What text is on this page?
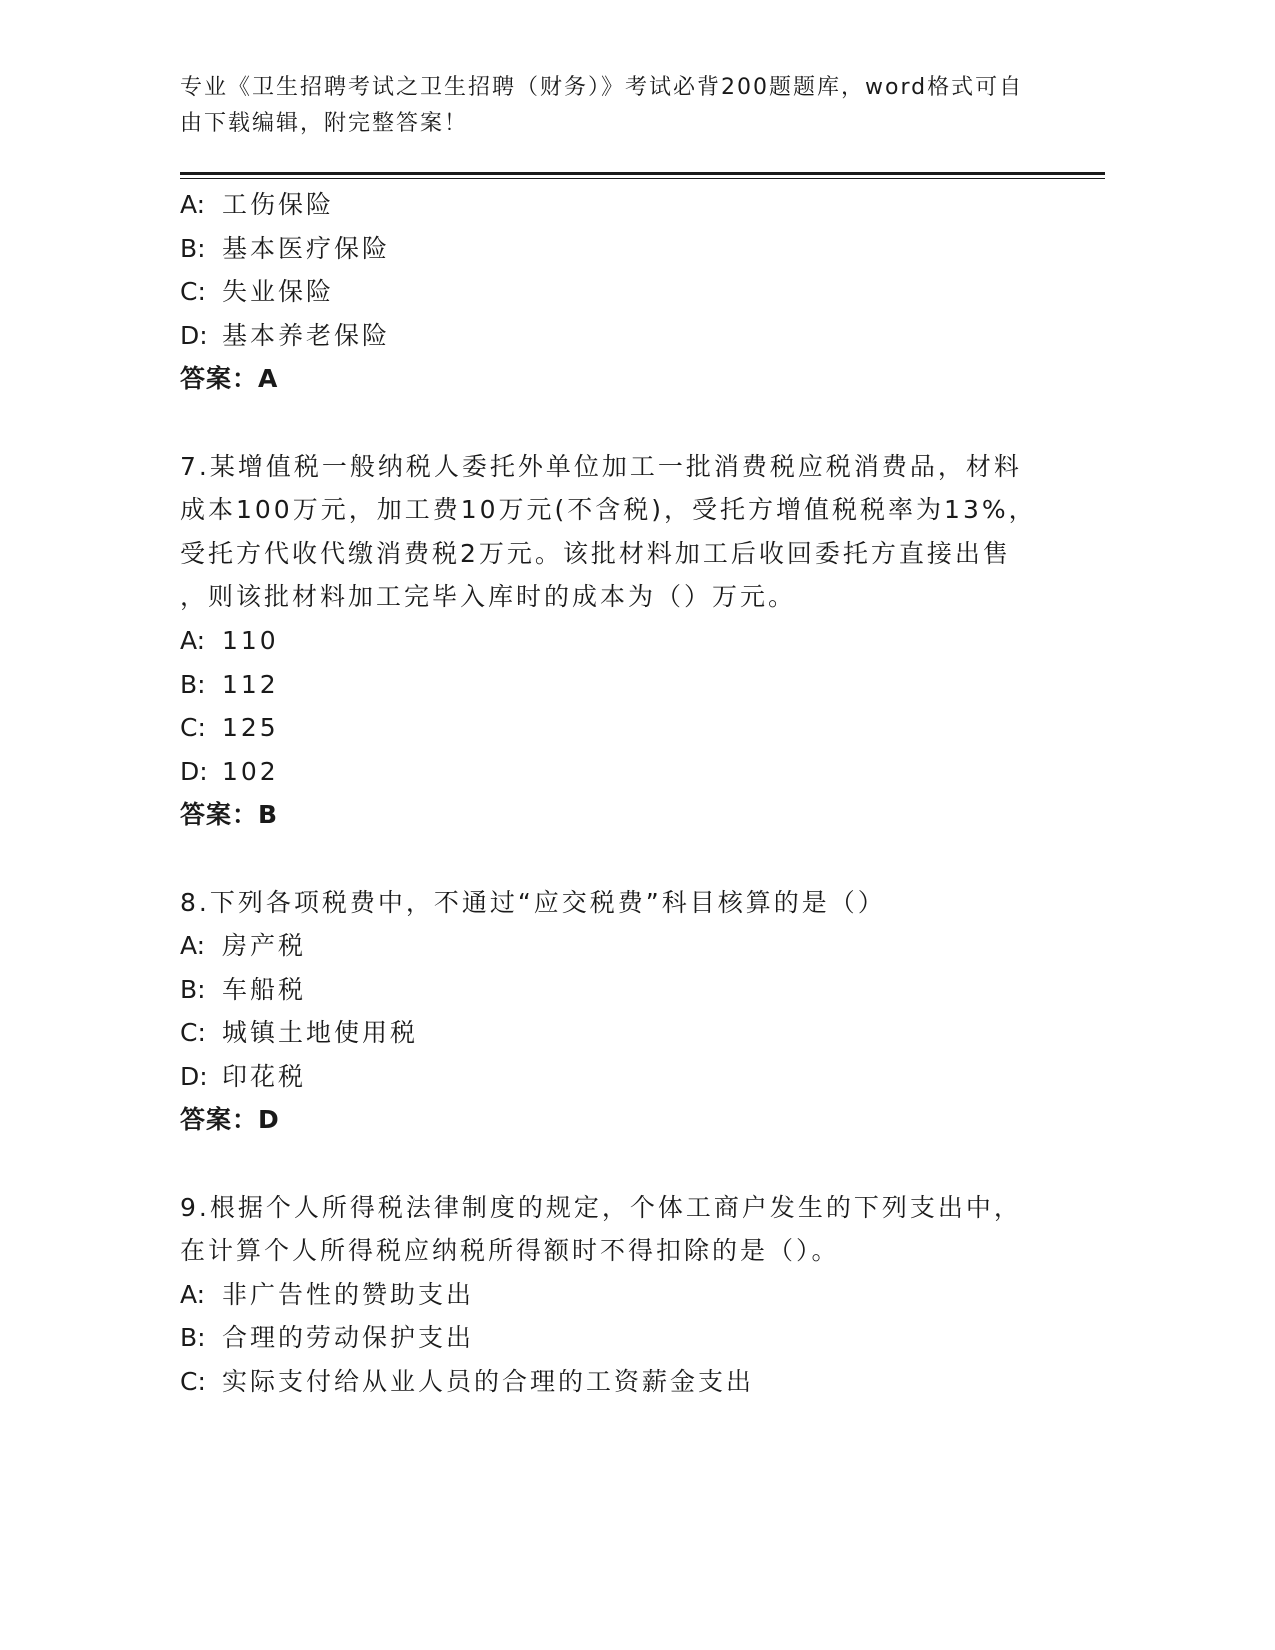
专业《卫生招聘考试之卫生招聘（财务）》考试必背200题题库，word格式可自
由下载编辑，附完整答案！
A: 工伤保险
B: 基本医疗保险
C: 失业保险
D: 基本养老保险
答案：A
7.某增值税一般纳税人委托外单位加工一批消费税应税消费品，材料
成本100万元，加工费10万元(不含税)，受托方增值税税率为13%，
受托方代收代缴消费税2万元。该批材料加工后收回委托方直接出售
，则该批材料加工完毕入库时的成本为（）万元。
A: 110
B: 112
C: 125
D: 102
答案：B
8.下列各项税费中，不通过“应交税费”科目核算的是（）
A: 房产税
B: 车船税
C: 城镇土地使用税
D: 印花税
答案：D
9.根据个人所得税法律制度的规定，个体工商户发生的下列支出中，
在计算个人所得税应纳税所得额时不得扣除的是（）。
A: 非广告性的赞助支出
B: 合理的劳动保护支出
C: 实际支付给从业人员的合理的工资薪金支出
